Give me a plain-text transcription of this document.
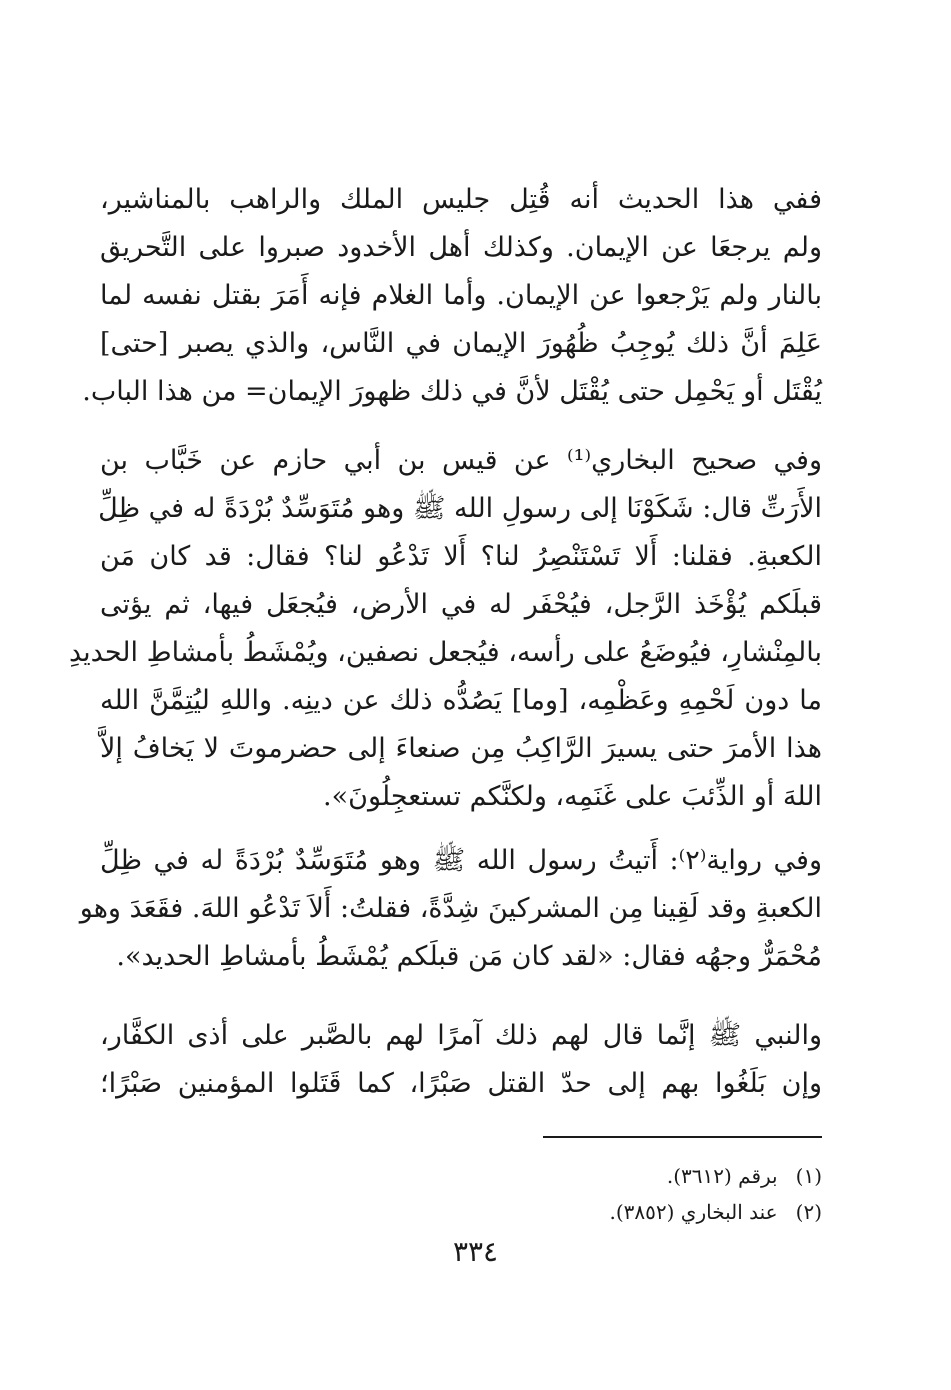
ففي هذا الحديث أنه قُتِل جليس الملك والراهب بالمناشير،
ولم يرجعَا عن الإيمان. وكذلك أهل الأخدود صبروا على التَّحريق
بالنار ولم يَرْجعوا عن الإيمان. وأما الغلام فإنه أَمَرَ بقتل نفسه لما
عَلِمَ أنَّ ذلك يُوجِبُ ظُهُورَ الإيمان في النَّاس، والذي يصبر [حتى]
يُقْتَل أو يَحْمِل حتى يُقْتَل لأنَّ في ذلك ظهورَ الإيمان= من هذا الباب.
وفي صحيح البخاري⁽¹⁾ عن قيس بن أبي حازم عن خَبَّاب بن
الأَرَتِّ قال: شَكَوْنَا إلى رسولِ الله ﷺ وهو مُتَوَسِّدٌ بُرْدَةً له في ظِلِّ
الكعبةِ. فقلنا: أَلا تَسْتَنْصِرُ لنا؟ أَلا تَدْعُو لنا؟ فقال: قد كان مَن
قبلَكم يُؤْخَذ الرَّجل، فيُحْفَر له في الأرض، فيُجعَل فيها، ثم يؤتى
بالمِنْشارِ، فيُوضَعُ على رأسه، فيُجعل نصفين، ويُمْشَطُ بأمشاطِ الحديدِ
ما دون لَحْمِهِ وعَظْمِه، [وما] يَصُدُّه ذلك عن دينِه. واللهِ ليُتِمَّنَّ الله
هذا الأمرَ حتى يسيرَ الرَّاكِبُ مِن صنعاءَ إلى حضرموتَ لا يَخافُ إلاَّ
اللهَ أو الذِّئبَ على غَنَمِه، ولكنَّكم تستعجِلُونَ».
وفي رواية⁽٢⁾: أَتيتُ رسول الله ﷺ وهو مُتَوَسِّدٌ بُرْدَةً له في ظِلِّ
الكعبةِ وقد لَقِينا مِن المشركينَ شِدَّةً، فقلتُ: أَلاَ تَدْعُو اللهَ. فقَعَدَ وهو
مُحْمَرٌّ وجهُه فقال: «لقد كان مَن قبلَكم يُمْشَطُ بأمشاطِ الحديد».
والنبي ﷺ إنَّما قال لهم ذلك آمرًا لهم بالصَّبر على أذى الكفَّار،
وإن بَلَغُوا بهم إلى حدّ القتل صَبْرًا، كما قَتَلوا المؤمنين صَبْرًا؛
(١)برقم (٣٦١٢).
(٢)عند البخاري (٣٨٥٢).
٣٣٤
